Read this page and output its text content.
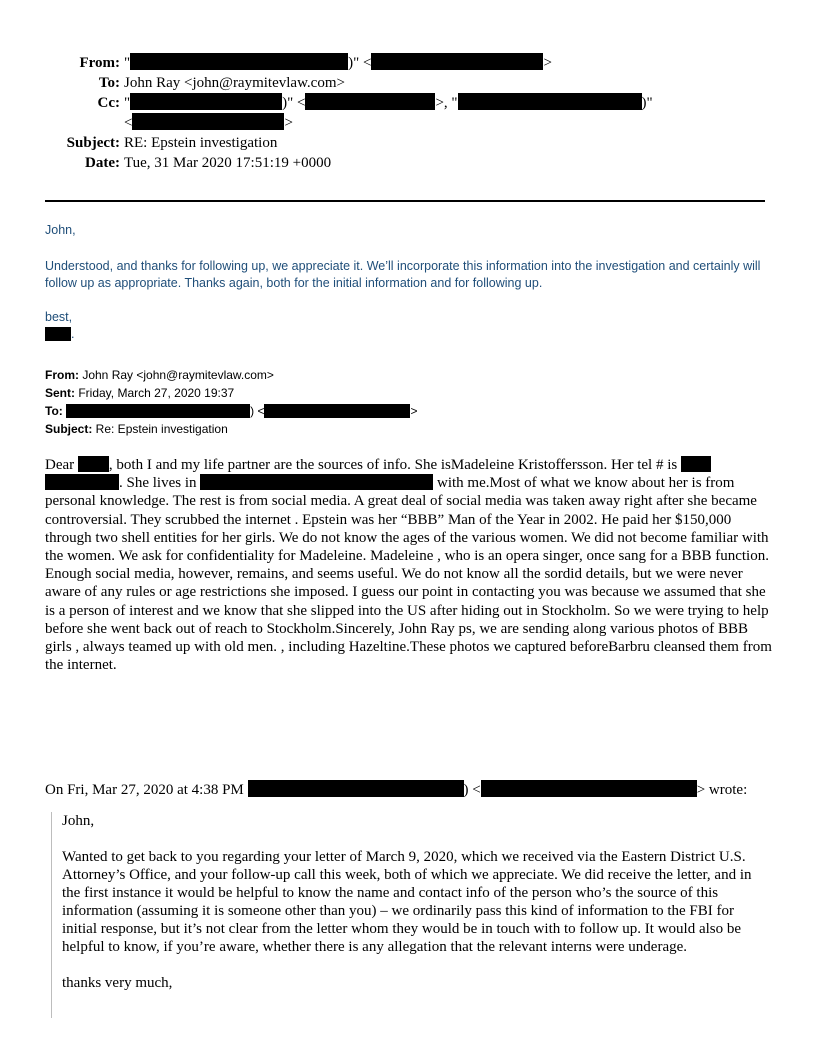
From: "	)" <	>
To: John Ray <john@raymitevlaw.com>
Cc: "	)" <	>, "	)"
<	>
Subject: RE: Epstein investigation
Date: Tue, 31 Mar 2020 17:51:19 +0000

John,

Understood, and thanks for following up, we appreciate it. We’ll incorporate this information into the investigation and certainly will follow up as appropriate. Thanks again, both for the initial information and for following up.

best,

.

From: John Ray <john@raymitevlaw.com>
Sent: Friday, March 27, 2020 19:37
To:	) <	>
Subject: Re: Epstein investigation

Dear , both I and my life partner are the sources of info. She isMadeleine Kristoffersson. Her tel # is  . She lives in	with me.Most of what we know about her is from personal knowledge. The rest is from social media. A great deal of social media was taken away right after she became controversial. They scrubbed the internet . Epstein was her “BBB” Man of the Year in 2002. He paid her $150,000 through two shell entities for her girls. We do not know the ages of the various women. We did not become familiar with the women. We ask for confidentiality for Madeleine. Madeleine , who is an opera singer, once sang for a BBB function. Enough social media, however, remains, and seems useful. We do not know all the sordid details, but we were never aware of any rules or age restrictions she imposed. I guess our point in contacting you was because we assumed that she is a person of interest and we know that she slipped into the US after hiding out in Stockholm. So we were trying to help before she went back out of reach to Stockholm.Sincerely, John Ray ps, we are sending along various photos of BBB girls , always teamed up with old men. , including Hazeltine.These photos we captured beforeBarbru cleansed them from the internet.

On Fri, Mar 27, 2020 at 4:38 PM	) <	> wrote:

John,

Wanted to get back to you regarding your letter of March 9, 2020, which we received via the Eastern District U.S. Attorney’s Office, and your follow-up call this week, both of which we appreciate. We did receive the letter, and in the first instance it would be helpful to know the name and contact info of the person who’s the source of this information (assuming it is someone other than you) – we ordinarily pass this kind of information to the FBI for initial response, but it’s not clear from the letter whom they would be in touch with to follow up. It would also be helpful to know, if you’re aware, whether there is any allegation that the relevant interns were underage.

thanks very much,
